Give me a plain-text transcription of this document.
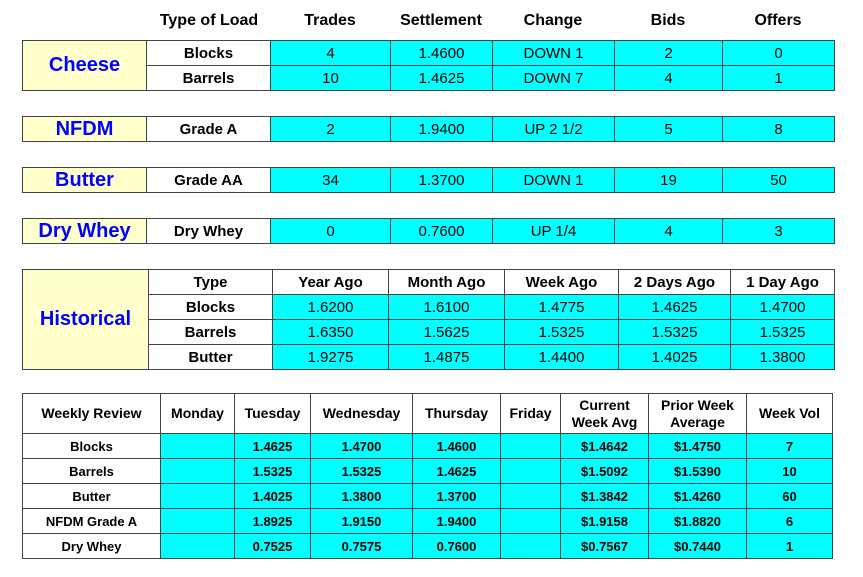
Type of Load	Trades	Settlement	Change	Bids	Offers
Cheese	Blocks	4	1.4600	DOWN 1	2	0
	Barrels	10	1.4625	DOWN 7	4	1
NFDM	Grade A	2	1.9400	UP 2 1/2	5	8
Butter	Grade AA	34	1.3700	DOWN 1	19	50
Dry Whey	Dry Whey	0	0.7600	UP 1/4	4	3
Historical	Type	Year Ago	Month Ago	Week Ago	2 Days Ago	1 Day Ago
	Blocks	1.6200	1.6100	1.4775	1.4625	1.4700
	Barrels	1.6350	1.5625	1.5325	1.5325	1.5325
	Butter	1.9275	1.4875	1.4400	1.4025	1.3800
Weekly Review	Monday	Tuesday	Wednesday	Thursday	Friday	Current Week Avg	Prior Week Average	Week Vol
Blocks		1.4625	1.4700	1.4600		$1.4642	$1.4750	7
Barrels		1.5325	1.5325	1.4625		$1.5092	$1.5390	10
Butter		1.4025	1.3800	1.3700		$1.3842	$1.4260	60
NFDM Grade A		1.8925	1.9150	1.9400		$1.9158	$1.8820	6
Dry Whey		0.7525	0.7575	0.7600		$0.7567	$0.7440	1
